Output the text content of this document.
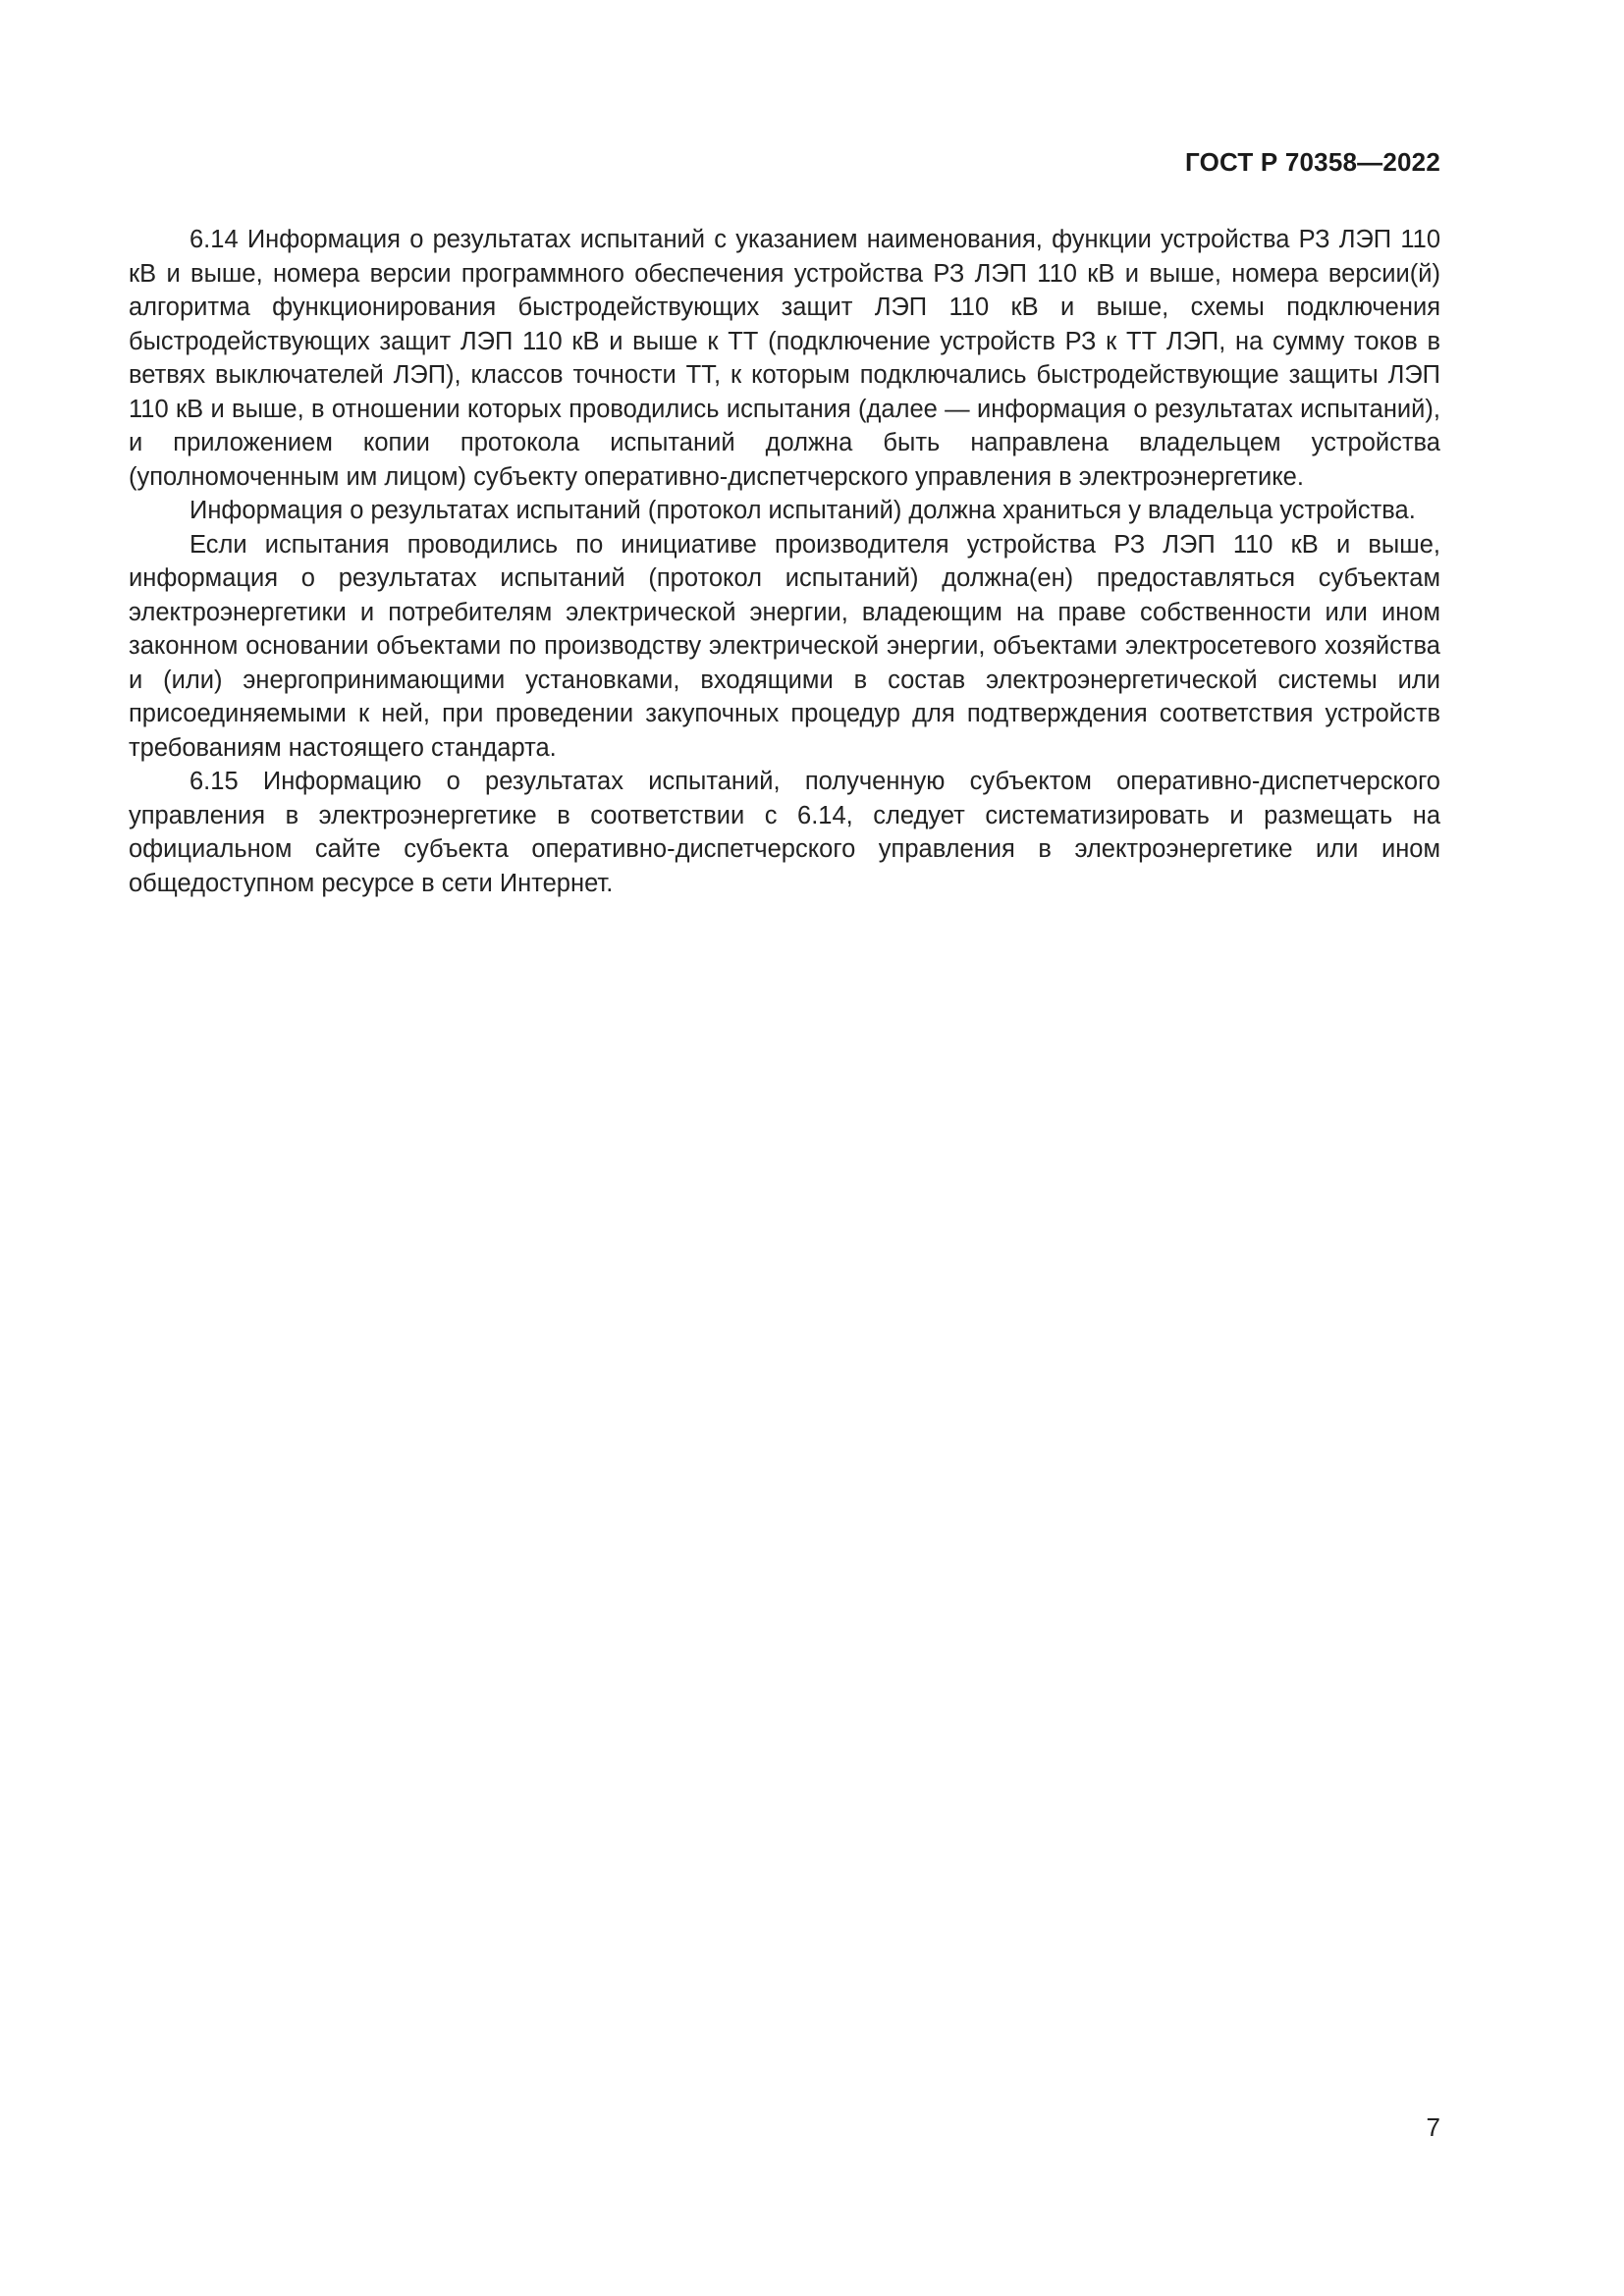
ГОСТ Р 70358—2022

6.14 Информация о результатах испытаний с указанием наименования, функции устройства РЗ ЛЭП 110 кВ и выше, номера версии программного обеспечения устройства РЗ ЛЭП 110 кВ и выше, номера версии(й) алгоритма функционирования быстродействующих защит ЛЭП 110 кВ и выше, схемы подключения быстродействующих защит ЛЭП 110 кВ и выше к ТТ (подключение устройств РЗ к ТТ ЛЭП, на сумму токов в ветвях выключателей ЛЭП), классов точности ТТ, к которым подключались быстродействующие защиты ЛЭП 110 кВ и выше, в отношении которых проводились испытания (далее — информация о результатах испытаний), и приложением копии протокола испытаний должна быть направлена владельцем устройства (уполномоченным им лицом) субъекту оперативно-диспетчерского управления в электроэнергетике.

Информация о результатах испытаний (протокол испытаний) должна храниться у владельца устройства.

Если испытания проводились по инициативе производителя устройства РЗ ЛЭП 110 кВ и выше, информация о результатах испытаний (протокол испытаний) должна(ен) предоставляться субъектам электроэнергетики и потребителям электрической энергии, владеющим на праве собственности или ином законном основании объектами по производству электрической энергии, объектами электросетевого хозяйства и (или) энергопринимающими установками, входящими в состав электроэнергетической системы или присоединяемыми к ней, при проведении закупочных процедур для подтверждения соответствия устройств требованиям настоящего стандарта.

6.15 Информацию о результатах испытаний, полученную субъектом оперативно-диспетчерского управления в электроэнергетике в соответствии с 6.14, следует систематизировать и размещать на официальном сайте субъекта оперативно-диспетчерского управления в электроэнергетике или ином общедоступном ресурсе в сети Интернет.

7
